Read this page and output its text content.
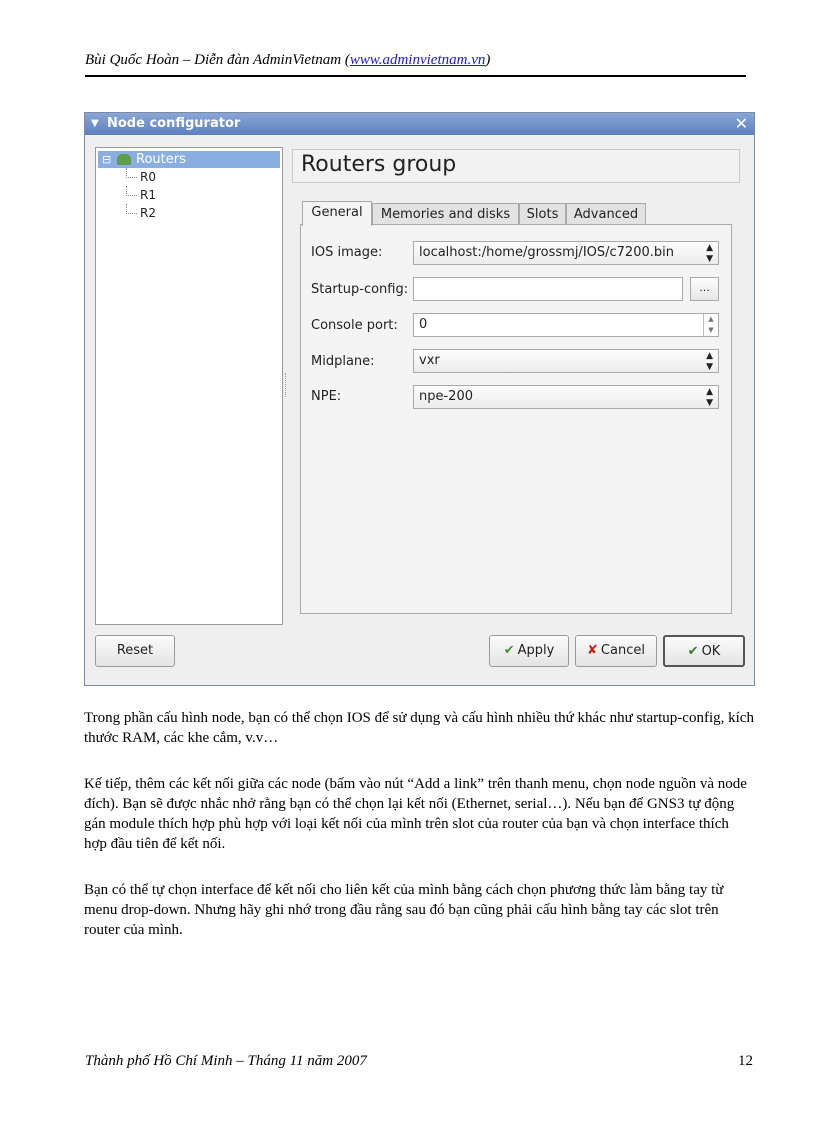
Bùi Quốc Hoàn – Diễn đàn AdminVietnam (www.adminvietnam.vn)
▼ Node configurator	✕
⊟ Routers
R0
R1
R2
Routers group
General	Memories and disks	Slots	Advanced
IOS image:	localhost:/home/grossmj/IOS/c7200.bin	▲
▼
Startup-config:	...
Console port:	0	▲
▼
Midplane:	vxr	▲
▼
NPE:	npe-200	▲
▼
Reset	✔ Apply	✘ Cancel	✔ OK
Trong phần cấu hình node, bạn có thể chọn IOS để sử dụng và cấu hình nhiều thứ khác như startup-config, kích thước RAM, các khe cắm, v.v…
Kế tiếp, thêm các kết nối giữa các node (bấm vào nút “Add a link” trên thanh menu, chọn node nguồn và node đích). Bạn sẽ được nhắc nhở rằng bạn có thể chọn lại kết nối (Ethernet, serial…). Nếu bạn để GNS3 tự động gán module thích hợp phù hợp với loại kết nối của mình trên slot của router của bạn và chọn interface thích hợp đầu tiên để kết nối.
Bạn có thể tự chọn interface để kết nối cho liên kết của mình bằng cách chọn phương thức làm bằng tay từ menu drop-down. Nhưng hãy ghi nhớ trong đầu rằng sau đó bạn cũng phải cấu hình bằng tay các slot trên router của mình.
Thành phố Hồ Chí Minh – Tháng 11 năm 2007	12
